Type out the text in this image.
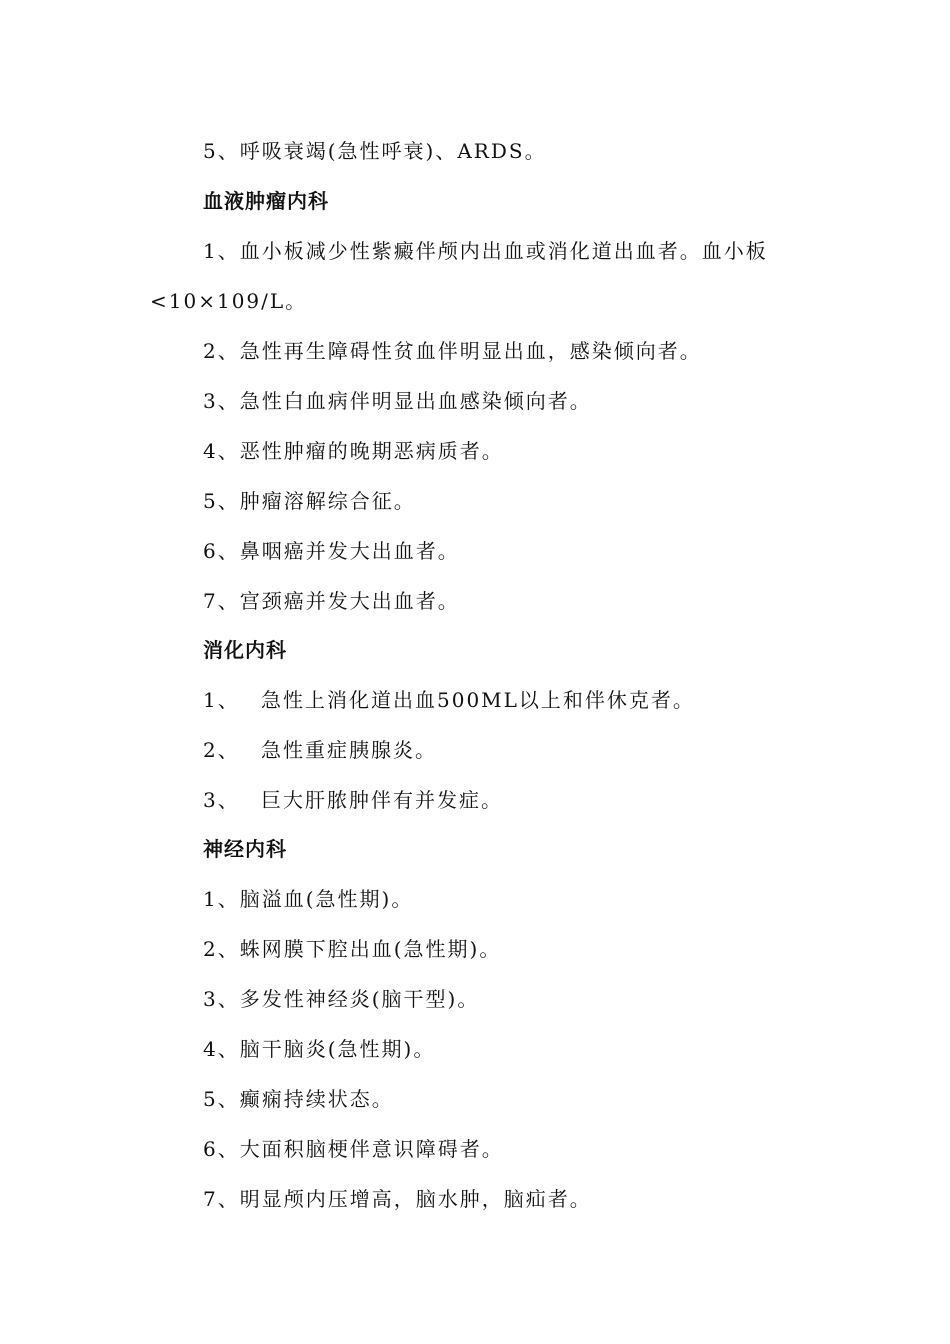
5、呼吸衰竭(急性呼衰)、ARDS。
血液肿瘤内科
1、血小板减少性紫癜伴颅内出血或消化道出血者。血小板
<10×109/L。
2、急性再生障碍性贫血伴明显出血，感染倾向者。
3、急性白血病伴明显出血感染倾向者。
4、恶性肿瘤的晚期恶病质者。
5、肿瘤溶解综合征。
6、鼻咽癌并发大出血者。
7、宫颈癌并发大出血者。
消化内科
1、 急性上消化道出血500ML以上和伴休克者。
2、 急性重症胰腺炎。
3、 巨大肝脓肿伴有并发症。
神经内科
1、脑溢血(急性期)。
2、蛛网膜下腔出血(急性期)。
3、多发性神经炎(脑干型)。
4、脑干脑炎(急性期)。
5、癫痫持续状态。
6、大面积脑梗伴意识障碍者。
7、明显颅内压增高，脑水肿，脑疝者。
